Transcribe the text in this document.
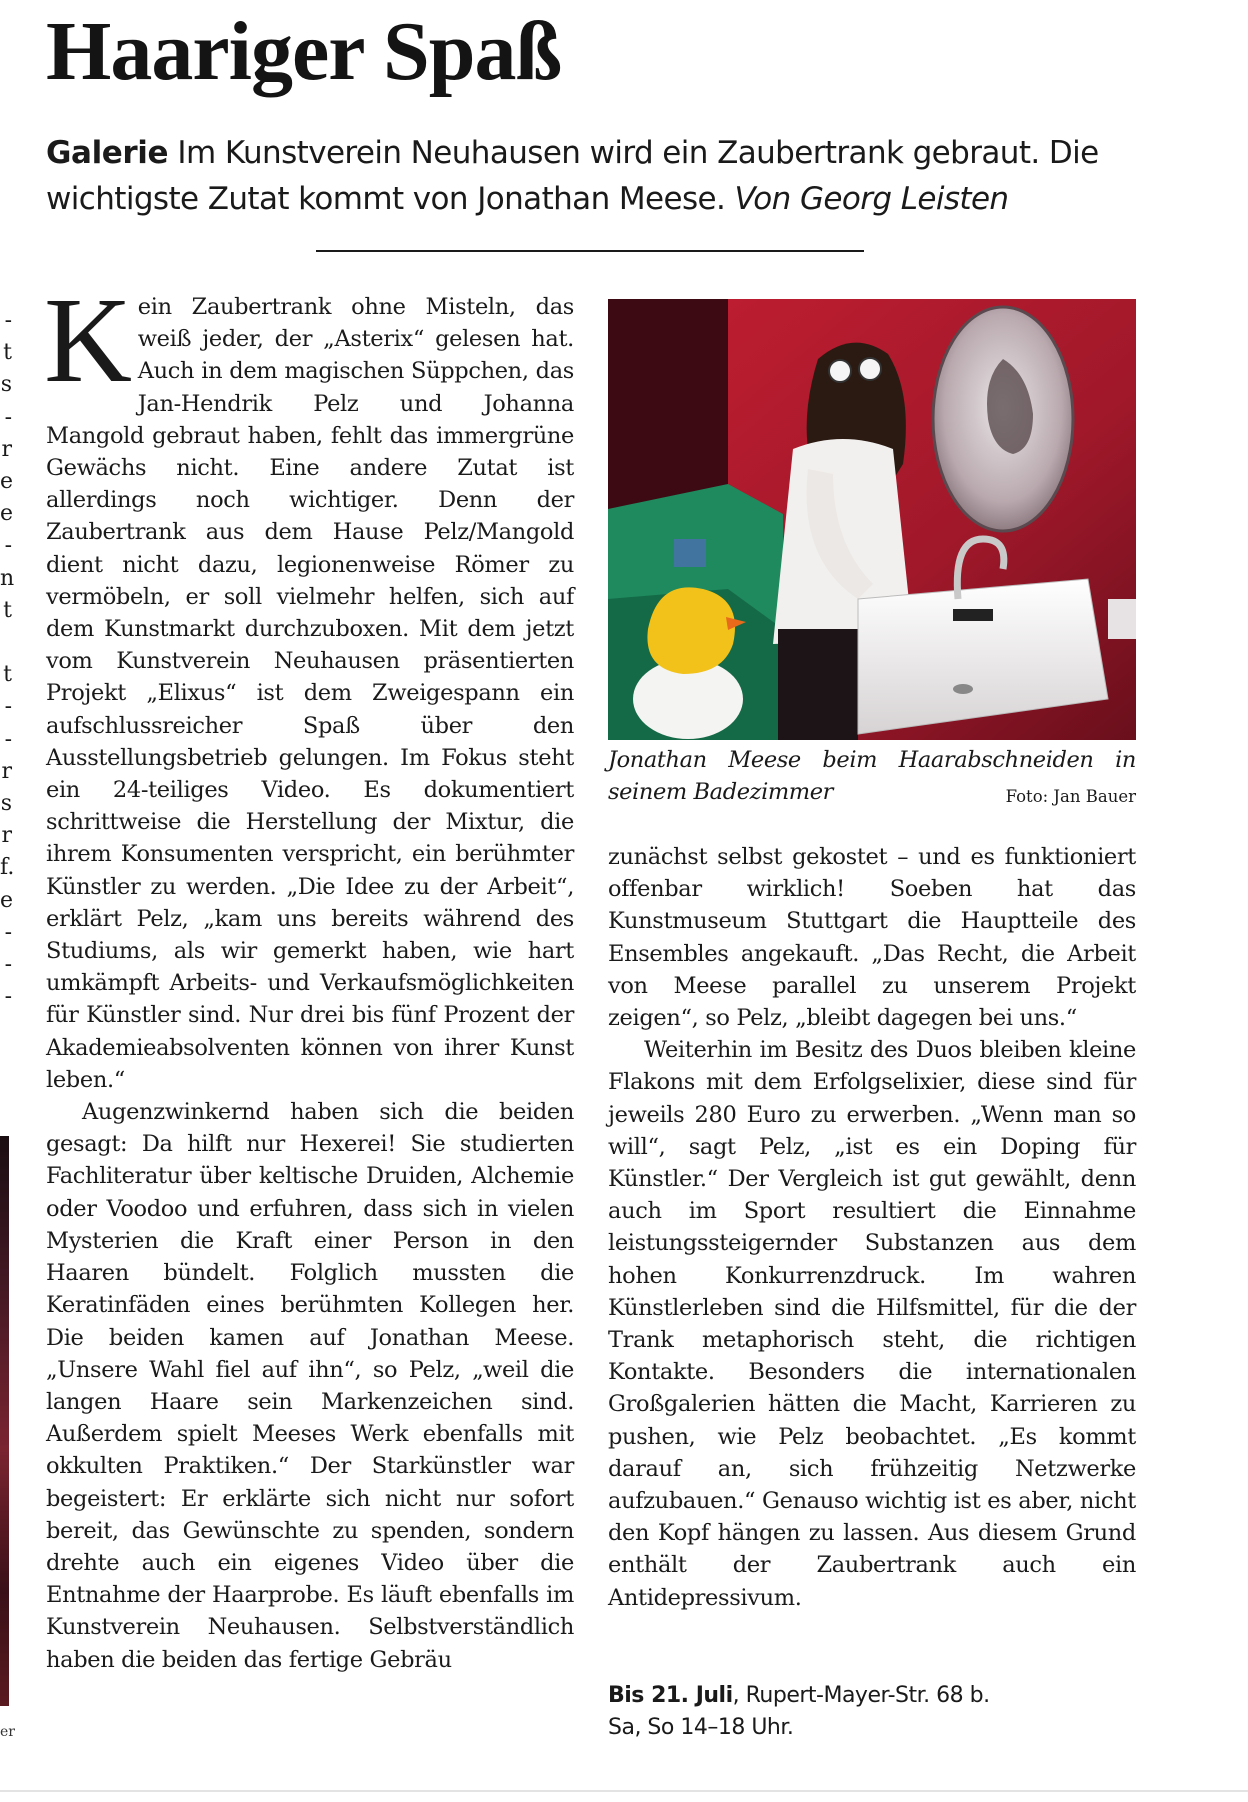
Haariger Spaß
Galerie Im Kunstverein Neuhausen wird ein Zaubertrank gebraut. Die wichtigste Zutat kommt von Jonathan Meese. Von Georg Leisten

Kein Zaubertrank ohne Misteln, das weiß jeder, der „Asterix“ gelesen hat. Auch in dem magischen Süppchen, das Jan-Hendrik Pelz und Johanna Mangold gebraut haben, fehlt das immergrüne Gewächs nicht. Eine andere Zutat ist allerdings noch wichtiger. Denn der Zaubertrank aus dem Hause Pelz/Mangold dient nicht dazu, legionenweise Römer zu vermöbeln, er soll vielmehr helfen, sich auf dem Kunstmarkt durchzuboxen. Mit dem jetzt vom Kunstverein Neuhausen präsentierten Projekt „Elixus“ ist dem Zweigespann ein aufschlussreicher Spaß über den Ausstellungsbetrieb gelungen. Im Fokus steht ein 24-teiliges Video. Es dokumentiert schrittweise die Herstellung der Mixtur, die ihrem Konsumenten verspricht, ein berühmter Künstler zu werden. „Die Idee zu der Arbeit“, erklärt Pelz, „kam uns bereits während des Studiums, als wir gemerkt haben, wie hart umkämpft Arbeits- und Verkaufsmöglichkeiten für Künstler sind. Nur drei bis fünf Prozent der Akademieabsolventen können von ihrer Kunst leben.“

Augenzwinkernd haben sich die beiden gesagt: Da hilft nur Hexerei! Sie studierten Fachliteratur über keltische Druiden, Alchemie oder Voodoo und erfuhren, dass sich in vielen Mysterien die Kraft einer Person in den Haaren bündelt. Folglich mussten die Keratinfäden eines berühmten Kollegen her. Die beiden kamen auf Jonathan Meese. „Unsere Wahl fiel auf ihn“, so Pelz, „weil die langen Haare sein Markenzeichen sind. Außerdem spielt Meeses Werk ebenfalls mit okkulten Praktiken.“ Der Starkünstler war begeistert: Er erklärte sich nicht nur sofort bereit, das Gewünschte zu spenden, sondern drehte auch ein eigenes Video über die Entnahme der Haarprobe. Es läuft ebenfalls im Kunstverein Neuhausen. Selbstverständlich haben die beiden das fertige Gebräu

Jonathan Meese beim Haarabschneiden in seinem Badezimmer	Foto: Jan Bauer

zunächst selbst gekostet – und es funktioniert offenbar wirklich! Soeben hat das Kunstmuseum Stuttgart die Hauptteile des Ensembles angekauft. „Das Recht, die Arbeit von Meese parallel zu unserem Projekt zeigen“, so Pelz, „bleibt dagegen bei uns.“

Weiterhin im Besitz des Duos bleiben kleine Flakons mit dem Erfolgselixier, diese sind für jeweils 280 Euro zu erwerben. „Wenn man so will“, sagt Pelz, „ist es ein Doping für Künstler.“ Der Vergleich ist gut gewählt, denn auch im Sport resultiert die Einnahme leistungssteigernder Substanzen aus dem hohen Konkurrenzdruck. Im wahren Künstlerleben sind die Hilfsmittel, für die der Trank metaphorisch steht, die richtigen Kontakte. Besonders die internationalen Großgalerien hätten die Macht, Karrieren zu pushen, wie Pelz beobachtet. „Es kommt darauf an, sich frühzeitig Netzwerke aufzubauen.“ Genauso wichtig ist es aber, nicht den Kopf hängen zu lassen. Aus diesem Grund enthält der Zaubertrank auch ein Antidepressivum.

Bis 21. Juli, Rupert-Mayer-Str. 68 b.
Sa, So 14–18 Uhr.
-
t
s
-
r
e
e
-
n
t

t
-
-
r
s
r
f.
e
-
-
-
er
